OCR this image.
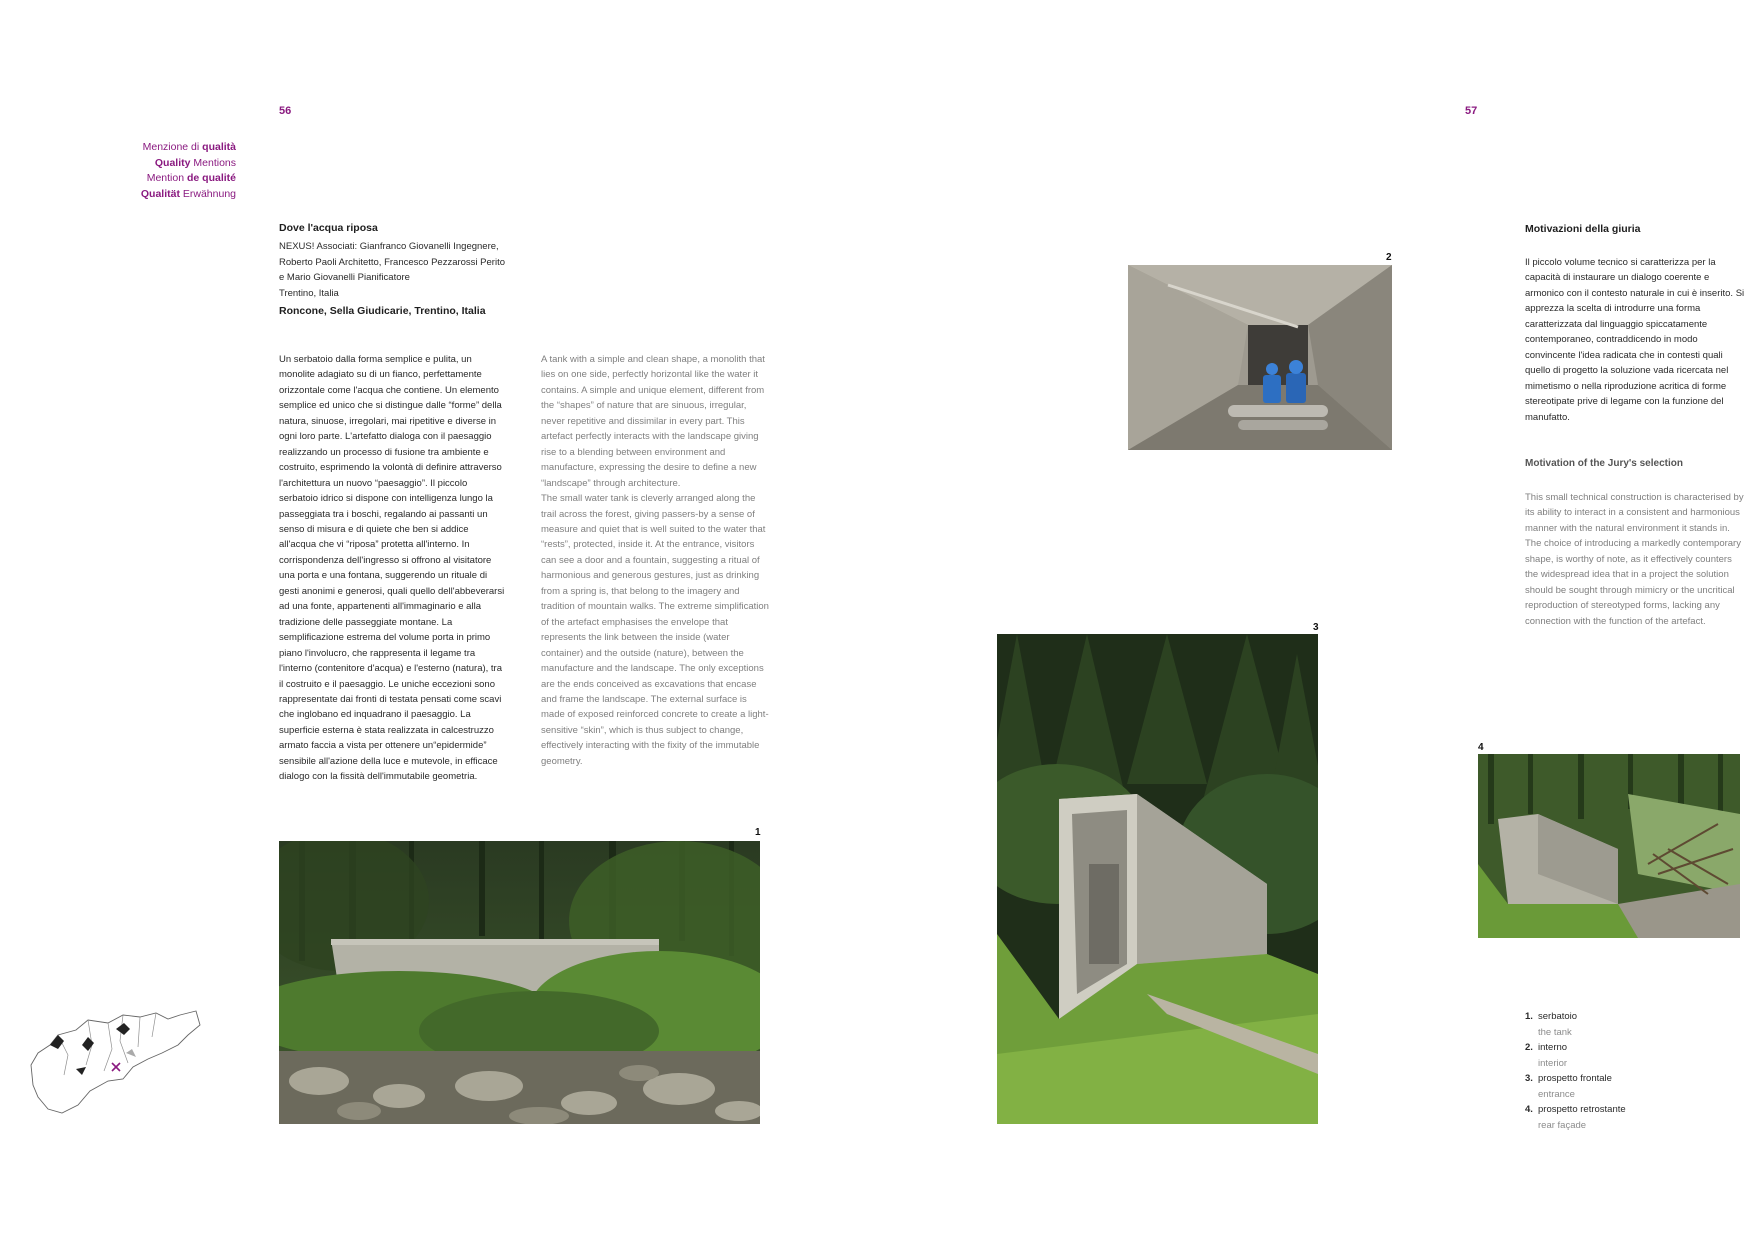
56	57
Menzione di qualità
Quality Mentions
Mention de qualité
Qualität Erwähnung
Dove l'acqua riposa
NEXUS! Associati: Gianfranco Giovanelli Ingegnere,
Roberto Paoli Architetto, Francesco Pezzarossi Perito
e Mario Giovanelli Pianificatore
Trentino, Italia
Roncone, Sella Giudicarie, Trentino, Italia

Un serbatoio dalla forma semplice e pulita, un monolite adagiato su di un fianco, perfettamente orizzontale come l'acqua che contiene. Un elemento semplice ed unico che si distingue dalle “forme” della natura, sinuose, irregolari, mai ripetitive e diverse in ogni loro parte. L'artefatto dialoga con il paesaggio realizzando un processo di fusione tra ambiente e costruito, esprimendo la volontà di definire attraverso l'architettura un nuovo “paesaggio”. Il piccolo serbatoio idrico si dispone con intelligenza lungo la passeggiata tra i boschi, regalando ai passanti un senso di misura e di quiete che ben si addice all'acqua che vi “riposa” protetta all'interno. In corrispondenza dell'ingresso si offrono al visitatore una porta e una fontana, suggerendo un rituale di gesti anonimi e generosi, quali quello dell'abbeverarsi ad una fonte, appartenenti all'immaginario e alla tradizione delle passeggiate montane. La semplificazione estrema del volume porta in primo piano l'involucro, che rappresenta il legame tra l'interno (contenitore d'acqua) e l'esterno (natura), tra il costruito e il paesaggio. Le uniche eccezioni sono rappresentate dai fronti di testata pensati come scavi che inglobano ed inquadrano il paesaggio. La superficie esterna è stata realizzata in calcestruzzo armato faccia a vista per ottenere un“epidermide” sensibile all'azione della luce e mutevole, in efficace dialogo con la fissità dell'immutabile geometria.

A tank with a simple and clean shape, a monolith that lies on one side, perfectly horizontal like the water it contains. A simple and unique element, different from the “shapes” of nature that are sinuous, irregular, never repetitive and dissimilar in every part. This artefact perfectly interacts with the landscape giving rise to a blending between environment and manufacture, expressing the desire to define a new “landscape” through architecture.

The small water tank is cleverly arranged along the trail across the forest, giving passers-by a sense of measure and quiet that is well suited to the water that “rests”, protected, inside it. At the entrance, visitors can see a door and a fountain, suggesting a ritual of harmonious and generous gestures, just as drinking from a spring is, that belong to the imagery and tradition of mountain walks. The extreme simplification of the artefact emphasises the envelope that represents the link between the inside (water container) and the outside (nature), between the manufacture and the landscape. The only exceptions are the ends conceived as excavations that encase and frame the landscape. The external surface is made of exposed reinforced concrete to create a light-sensitive “skin”, which is thus subject to change, effectively interacting with the fixity of the immutable geometry.

1
2
3
4
Motivazioni della giuria

Il piccolo volume tecnico si caratterizza per la capacità di instaurare un dialogo coerente e armonico con il contesto naturale in cui è inserito. Si apprezza la scelta di introdurre una forma caratterizzata dal linguaggio spiccatamente contemporaneo, contraddicendo in modo convincente l'idea radicata che in contesti quali quello di progetto la soluzione vada ricercata nel mimetismo o nella riproduzione acritica di forme stereotipate prive di legame con la funzione del manufatto.

Motivation of the Jury's selection

This small technical construction is characterised by its ability to interact in a consistent and harmonious manner with the natural environment it stands in. The choice of introducing a markedly contemporary shape, is worthy of note, as it effectively counters the widespread idea that in a project the solution should be sought through mimicry or the uncritical reproduction of stereotyped forms, lacking any connection with the function of the artefact.

1. serbatoio
the tank
2. interno
interior
3. prospetto frontale
entrance
4. prospetto retrostante
rear façade
